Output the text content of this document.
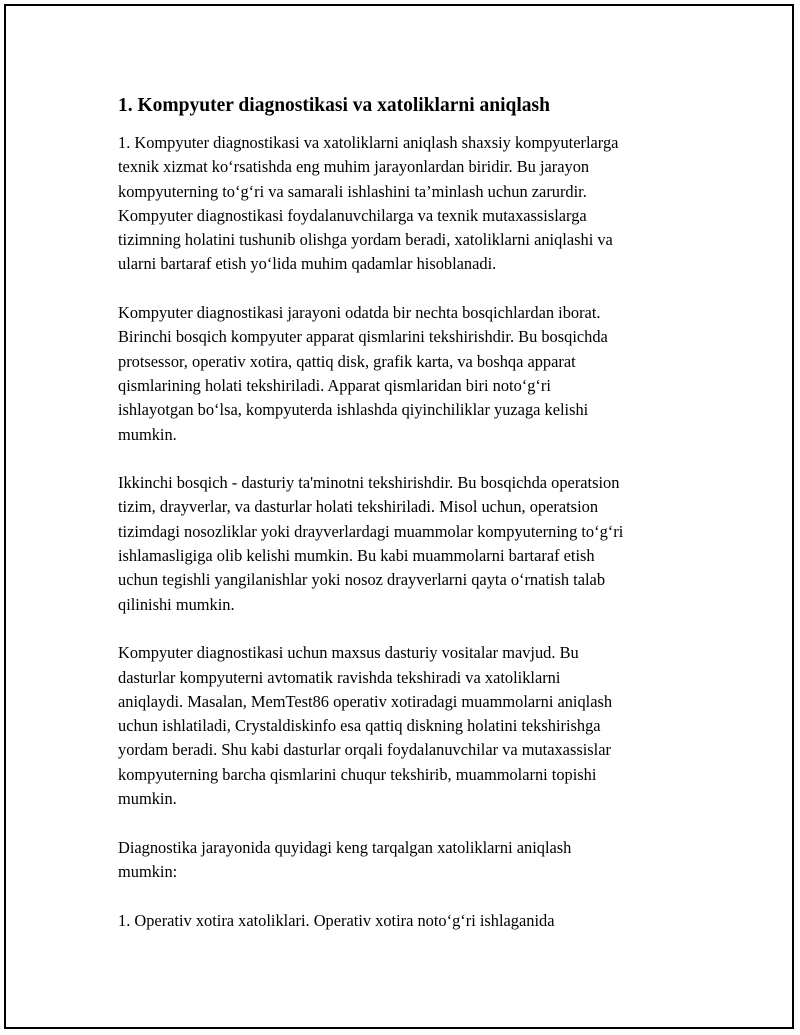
1. Kompyuter diagnostikasi va xatoliklarni aniqlash

1. Kompyuter diagnostikasi va xatoliklarni aniqlash shaxsiy kompyuterlarga
texnik xizmat ko‘rsatishda eng muhim jarayonlardan biridir. Bu jarayon
kompyuterning to‘g‘ri va samarali ishlashini ta’minlash uchun zarurdir.
Kompyuter diagnostikasi foydalanuvchilarga va texnik mutaxassislarga
tizimning holatini tushunib olishga yordam beradi, xatoliklarni aniqlashi va
ularni bartaraf etish yo‘lida muhim qadamlar hisoblanadi.

Kompyuter diagnostikasi jarayoni odatda bir nechta bosqichlardan iborat.
Birinchi bosqich kompyuter apparat qismlarini tekshirishdir. Bu bosqichda
protsessor, operativ xotira, qattiq disk, grafik karta, va boshqa apparat
qismlarining holati tekshiriladi. Apparat qismlaridan biri noto‘g‘ri
ishlayotgan bo‘lsa, kompyuterda ishlashda qiyinchiliklar yuzaga kelishi
mumkin.

Ikkinchi bosqich - dasturiy ta'minotni tekshirishdir. Bu bosqichda operatsion
tizim, drayverlar, va dasturlar holati tekshiriladi. Misol uchun, operatsion
tizimdagi nosozliklar yoki drayverlardagi muammolar kompyuterning to‘g‘ri
ishlamasligiga olib kelishi mumkin. Bu kabi muammolarni bartaraf etish
uchun tegishli yangilanishlar yoki nosoz drayverlarni qayta o‘rnatish talab
qilinishi mumkin.

Kompyuter diagnostikasi uchun maxsus dasturiy vositalar mavjud. Bu
dasturlar kompyuterni avtomatik ravishda tekshiradi va xatoliklarni
aniqlaydi. Masalan, MemTest86 operativ xotiradagi muammolarni aniqlash
uchun ishlatiladi, Crystaldiskinfo esa qattiq diskning holatini tekshirishga
yordam beradi. Shu kabi dasturlar orqali foydalanuvchilar va mutaxassislar
kompyuterning barcha qismlarini chuqur tekshirib, muammolarni topishi
mumkin.

Diagnostika jarayonida quyidagi keng tarqalgan xatoliklarni aniqlash
mumkin:

1. Operativ xotira xatoliklari. Operativ xotira noto‘g‘ri ishlaganida
